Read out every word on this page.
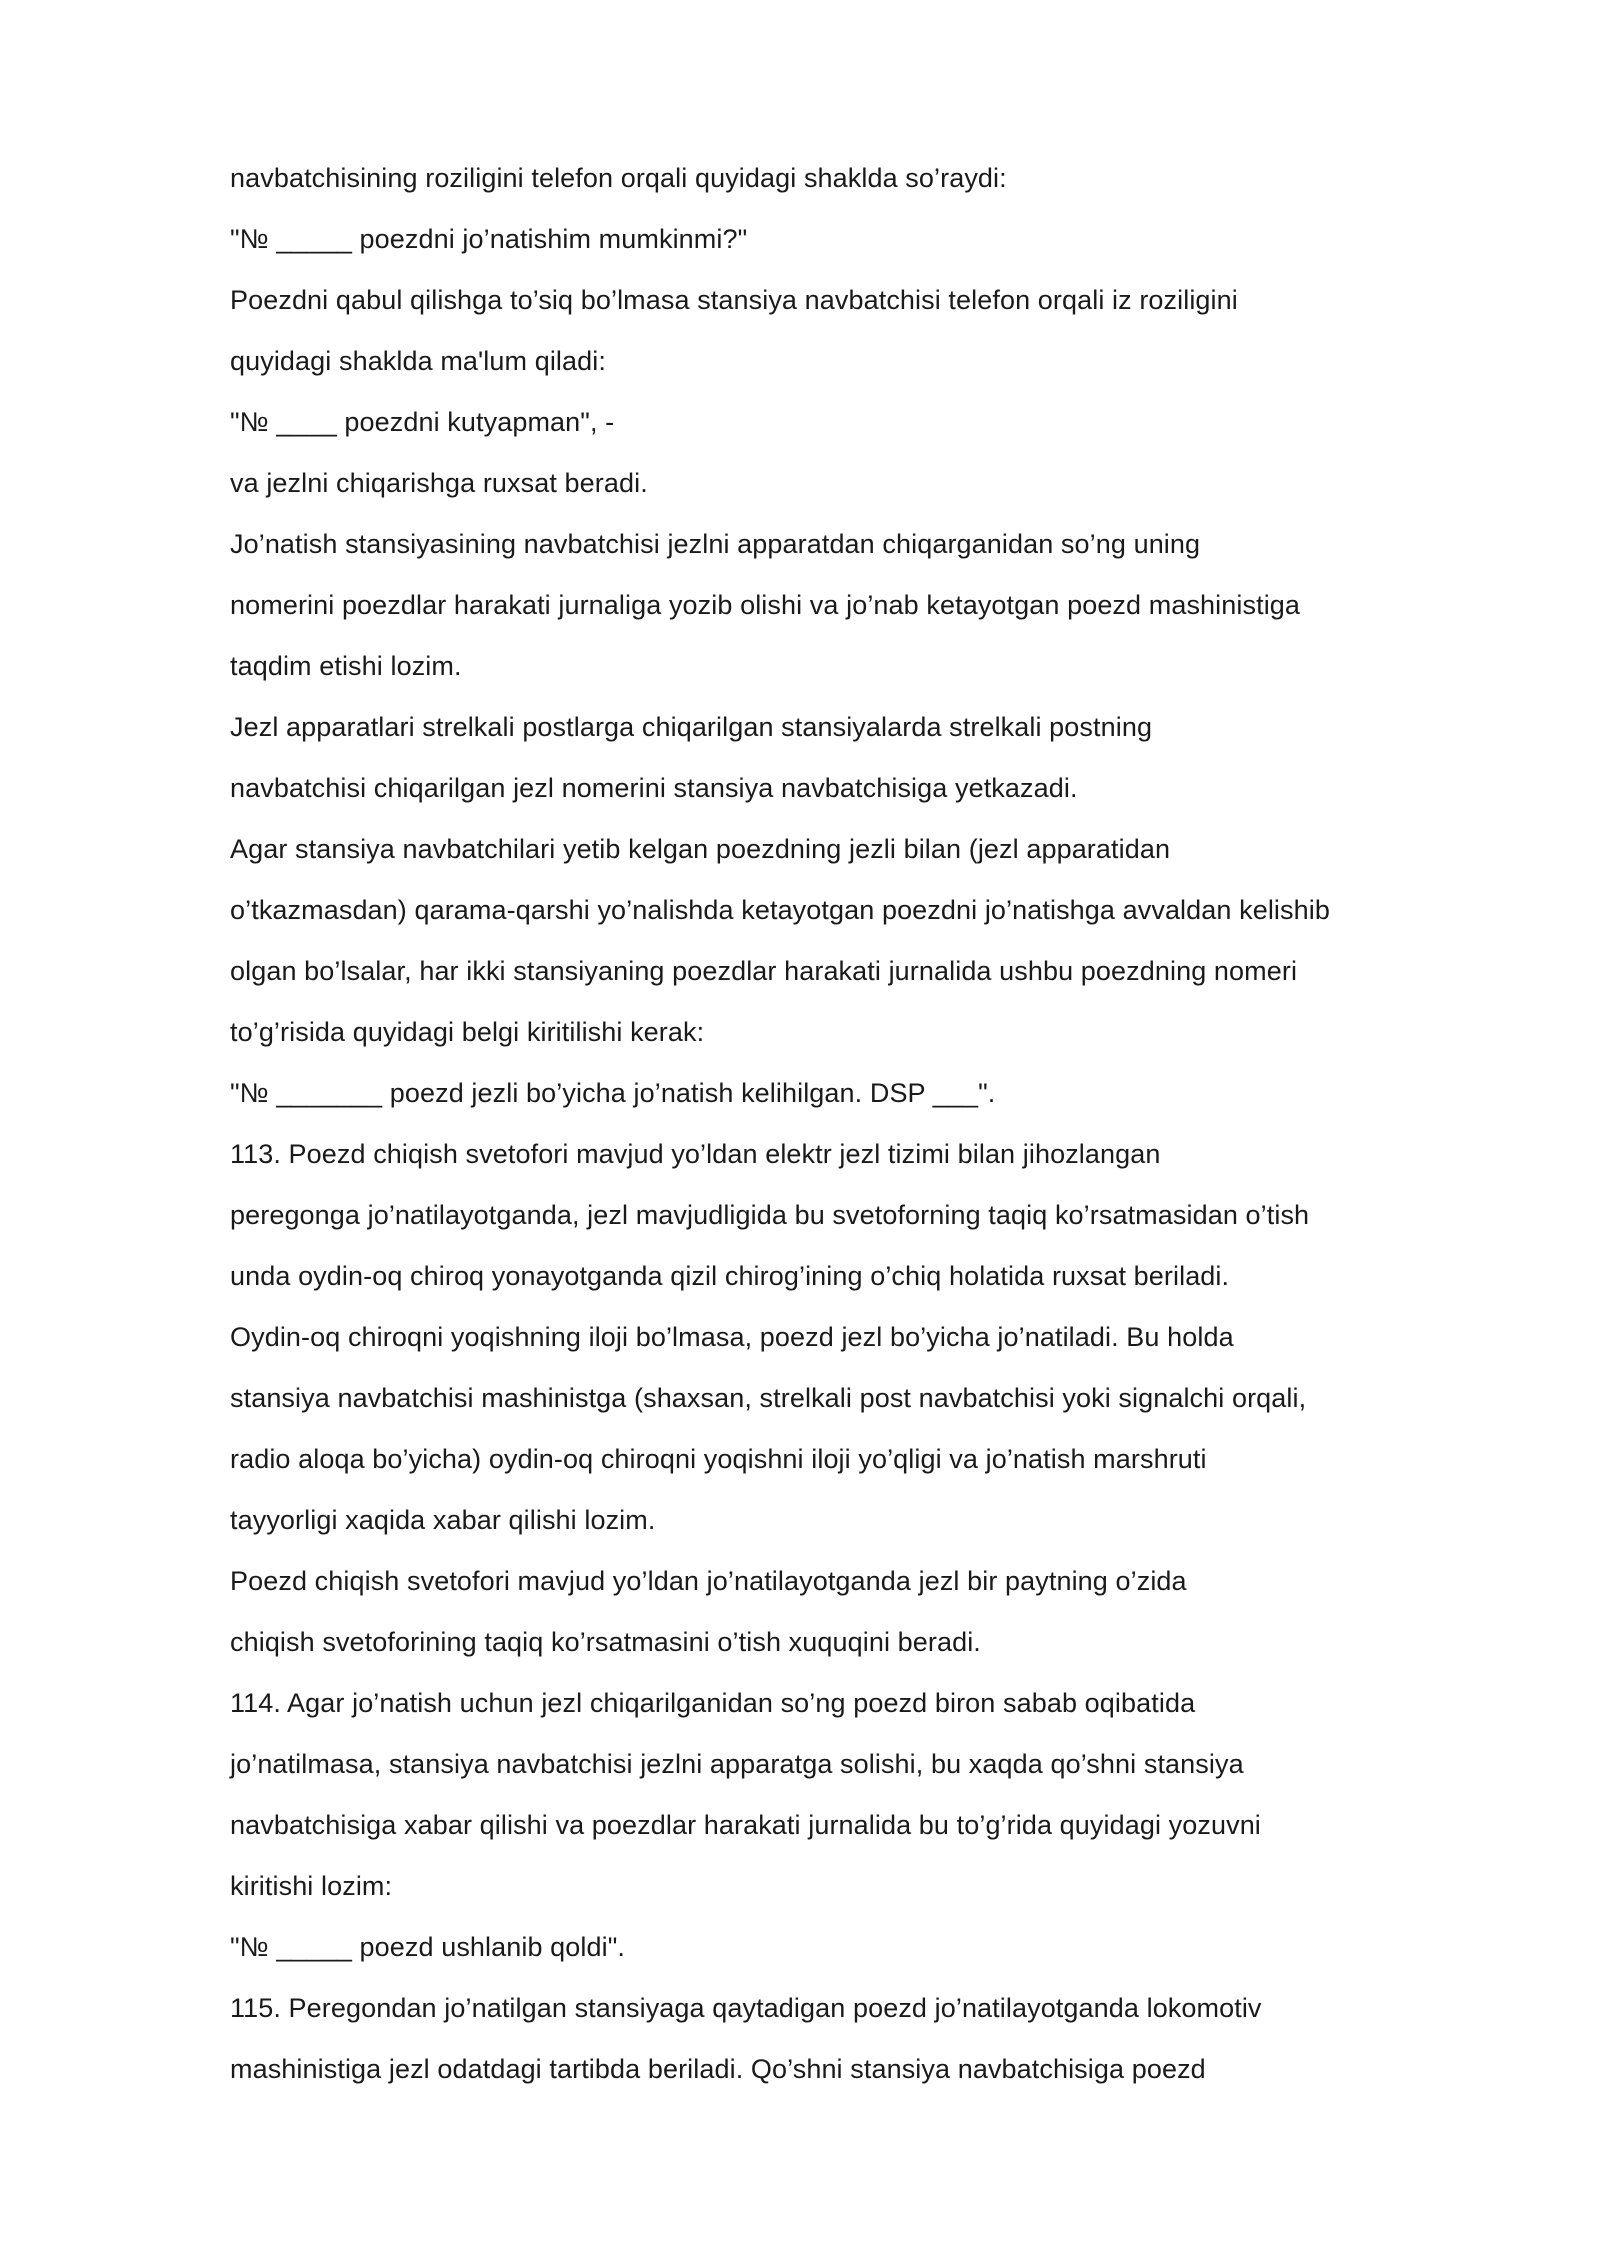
navbatchisining roziligini telefon orqali quyidagi shaklda so’raydi:
"№ _____ poezdni jo’natishim mumkinmi?"
Poezdni qabul qilishga to’siq bo’lmasa stansiya navbatchisi telefon orqali iz roziligini
quyidagi shaklda ma'lum qiladi:
"№ ____ poezdni kutyapman", -
va jezlni chiqarishga ruxsat beradi.
Jo’natish stansiyasining navbatchisi jezlni apparatdan chiqarganidan so’ng uning
nomerini poezdlar harakati jurnaliga yozib olishi va jo’nab ketayotgan poezd mashinistiga
taqdim etishi lozim.
Jezl apparatlari strelkali postlarga chiqarilgan stansiyalarda strelkali postning
navbatchisi chiqarilgan jezl nomerini stansiya navbatchisiga yetkazadi.
Agar stansiya navbatchilari yetib kelgan poezdning jezli bilan (jezl apparatidan
o’tkazmasdan) qarama-qarshi yo’nalishda ketayotgan poezdni jo’natishga avvaldan kelishib
olgan bo’lsalar, har ikki stansiyaning poezdlar harakati jurnalida ushbu poezdning nomeri
to’g’risida quyidagi belgi kiritilishi kerak:
"№ _______ poezd jezli bo’yicha jo’natish kelihilgan. DSP ___".
113. Poezd chiqish svetofori mavjud yo’ldan elektr jezl tizimi bilan jihozlangan
peregonga jo’natilayotganda, jezl mavjudligida bu svetoforning taqiq ko’rsatmasidan o’tish
unda oydin-oq chiroq yonayotganda qizil chirog’ining o’chiq holatida ruxsat beriladi.
Oydin-oq chiroqni yoqishning iloji bo’lmasa, poezd jezl bo’yicha jo’natiladi. Bu holda
stansiya navbatchisi mashinistga (shaxsan, strelkali post navbatchisi yoki signalchi orqali,
radio aloqa bo’yicha) oydin-oq chiroqni yoqishni iloji yo’qligi va jo’natish marshruti
tayyorligi xaqida xabar qilishi lozim.
Poezd chiqish svetofori mavjud yo’ldan jo’natilayotganda jezl bir paytning o’zida
chiqish svetoforining taqiq ko’rsatmasini o’tish xuquqini beradi.
114. Agar jo’natish uchun jezl chiqarilganidan so’ng poezd biron sabab oqibatida
jo’natilmasa, stansiya navbatchisi jezlni apparatga solishi, bu xaqda qo’shni stansiya
navbatchisiga xabar qilishi va poezdlar harakati jurnalida bu to’g’rida quyidagi yozuvni
kiritishi lozim:
"№ _____ poezd ushlanib qoldi".
115. Peregondan jo’natilgan stansiyaga qaytadigan poezd jo’natilayotganda lokomotiv
mashinistiga jezl odatdagi tartibda beriladi. Qo’shni stansiya navbatchisiga poezd
